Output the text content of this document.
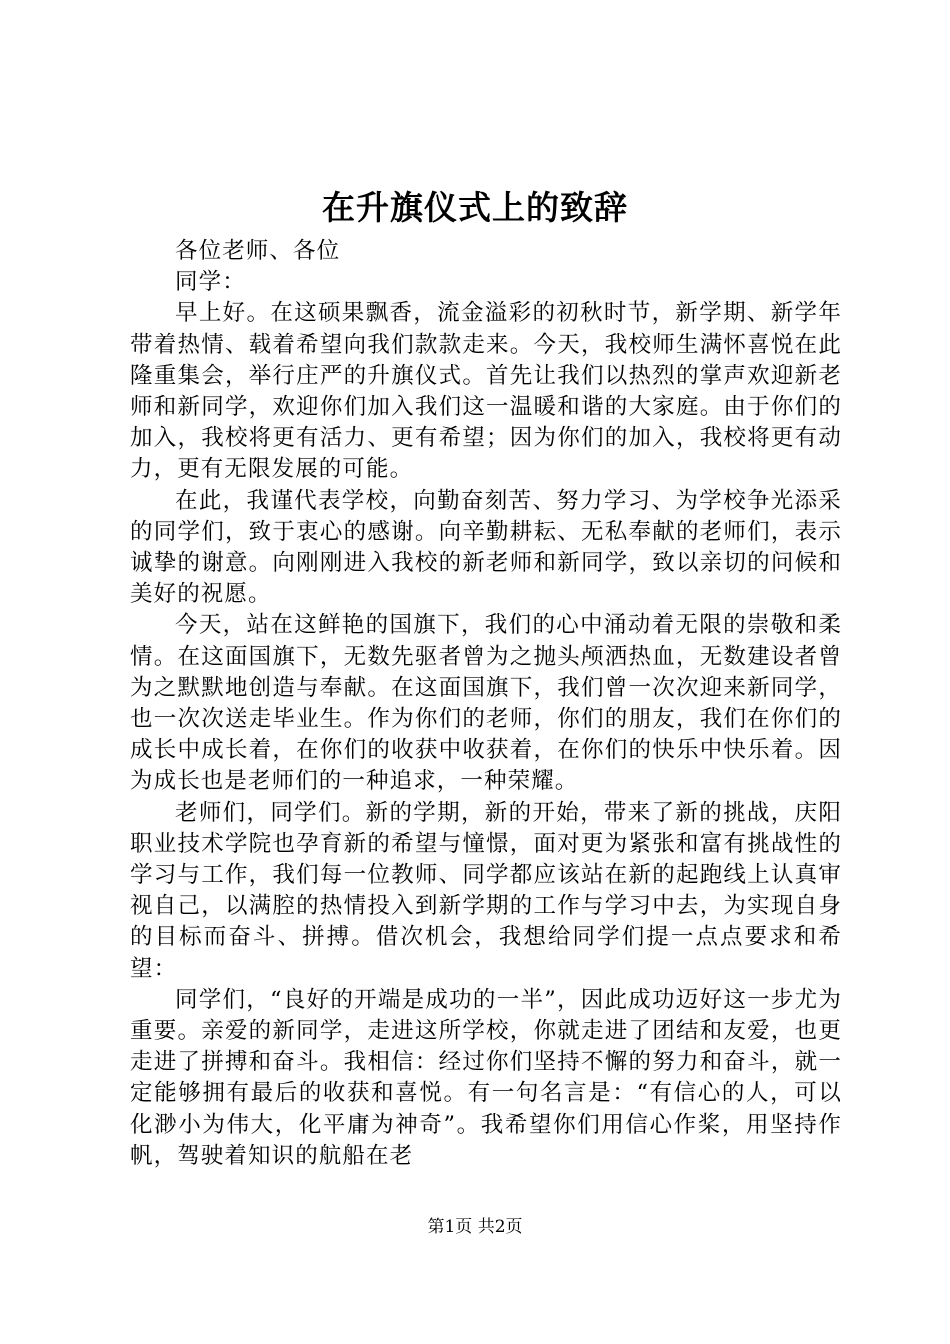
在升旗仪式上的致辞

各位老师、各位

同学：

早上好。在这硕果飘香，流金溢彩的初秋时节，新学期、新学年带着热情、载着希望向我们款款走来。今天，我校师生满怀喜悦在此隆重集会，举行庄严的升旗仪式。首先让我们以热烈的掌声欢迎新老师和新同学，欢迎你们加入我们这一温暖和谐的大家庭。由于你们的加入，我校将更有活力、更有希望；因为你们的加入，我校将更有动力，更有无限发展的可能。

在此，我谨代表学校，向勤奋刻苦、努力学习、为学校争光添采的同学们，致于衷心的感谢。向辛勤耕耘、无私奉献的老师们，表示诚挚的谢意。向刚刚进入我校的新老师和新同学，致以亲切的问候和美好的祝愿。

今天，站在这鲜艳的国旗下，我们的心中涌动着无限的崇敬和柔情。在这面国旗下，无数先驱者曾为之抛头颅洒热血，无数建设者曾为之默默地创造与奉献。在这面国旗下，我们曾一次次迎来新同学，也一次次送走毕业生。作为你们的老师，你们的朋友，我们在你们的成长中成长着，在你们的收获中收获着，在你们的快乐中快乐着。因为成长也是老师们的一种追求，一种荣耀。

老师们，同学们。新的学期，新的开始，带来了新的挑战，庆阳职业技术学院也孕育新的希望与憧憬，面对更为紧张和富有挑战性的学习与工作，我们每一位教师、同学都应该站在新的起跑线上认真审视自己，以满腔的热情投入到新学期的工作与学习中去，为实现自身的目标而奋斗、拼搏。借次机会，我想给同学们提一点点要求和希望：

同学们，“良好的开端是成功的一半”，因此成功迈好这一步尤为重要。亲爱的新同学，走进这所学校，你就走进了团结和友爱，也更走进了拼搏和奋斗。我相信：经过你们坚持不懈的努力和奋斗，就一定能够拥有最后的收获和喜悦。有一句名言是：“有信心的人，可以化渺小为伟大，化平庸为神奇”。我希望你们用信心作桨，用坚持作帆，驾驶着知识的航船在老

第1页 共2页
